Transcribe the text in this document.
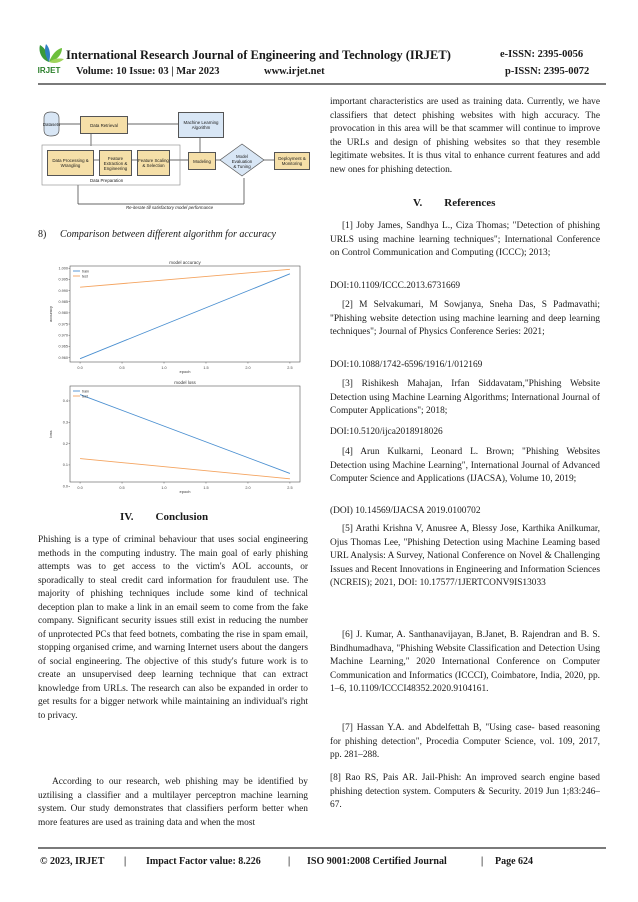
IRJET
International Research Journal of Engineering and Technology (IRJET)	e-ISSN: 2395-0056
Volume: 10 Issue: 03 | Mar 2023	www.irjet.net	p-ISSN: 2395-0072
Datasets	Data Retrieval	Machine Learning Algorithm
Data Processing & Wrangling
Feature Extraction & Engineering
Feature Scaling & Selection
Data Preparation
Modeling
Model Evaluation & Tuning
Deployment & Monitoring
Re-iterate till satisfactory model performance
8) Comparison between different algorithm for accuracy
model accuracy
epoch
accuracy
0.0	0.5	1.0	1.5	2.0	2.5
0.960
0.965
0.970
0.975
0.980
0.985
0.990
0.995
1.000
train
test
model loss
epoch
loss
0.0	0.5	1.0	1.5	2.0	2.5
0.0
0.1
0.2
0.3
0.4
train
test
IV.        Conclusion
Phishing is a type of criminal behaviour that uses social engineering methods in the computing industry. The main goal of early phishing attempts was to get access to the victim's AOL accounts, or sporadically to steal credit card information for fraudulent use. The majority of phishing techniques include some kind of technical deception plan to make a link in an email seem to come from the fake company. Significant security issues still exist in reducing the number of unprotected PCs that feed botnets, combating the rise in spam email, stopping organised crime, and warning Internet users about the dangers of social engineering. The objective of this study's future work is to create an unsupervised deep learning technique that can extract knowledge from URLs. The research can also be expanded in order to get results for a bigger network while maintaining an individual's right to privacy.
According to our research, web phishing may be identified by uztilising a classifier and a multilayer perceptron machine learning system. Our study demonstrates that classifiers perform better when more features are used as training data and when the most
important characteristics are used as training data. Currently, we have classifiers that detect phishing websites with high accuracy. The provocation in this area will be that scammer will continue to improve the URLs and design of phishing websites so that they resemble legitimate websites. It is thus vital to enhance current features and add new ones for phishing detection.
V.        References
[1] Joby James, Sandhya L., Ciza Thomas; "Detection of phishing URLS using machine learning techniques"; International Conference on Control Communication and Computing (ICCC); 2013;
DOI:10.1109/ICCC.2013.6731669
[2] M Selvakumari, M Sowjanya, Sneha Das, S Padmavathi; "Phishing website detection using machine learning and deep learning techniques"; Journal of Physics Conference Series: 2021;
DOI:10.1088/1742-6596/1916/1/012169
[3] Rishikesh Mahajan, Irfan Siddavatam,"Phishing Website Detection using Machine Learning Algorithms; International Journal of Computer Applications"; 2018;
DOI:10.5120/ijca2018918026
[4] Arun Kulkarni, Leonard L. Brown; "Phishing Websites Detection using Machine Learning", International Journal of Advanced Computer Science and Applications (IJACSA), Volume 10, 2019;
(DOI) 10.14569/IJACSA 2019.0100702
[5] Arathi Krishna V, Anusree A, Blessy Jose, Karthika Anilkumar, Ojus Thomas Lee, "Phishing Detection using Machine Leaming based URL Analysis: A Survey, National Conference on Novel & Challenging Issues and Recent Innovations in Engineering and Information Sciences (NCREIS); 2021, DOI: 10.17577/1JERTCONV9IS13033
[6] J. Kumar, A. Santhanavijayan, B.Janet, B. Rajendran and B. S. Bindhumadhava, "Phishing Website Classification and Detection Using Machine Learning," 2020 International Conference on Computer Communication and Informatics (ICCCI), Coimbatore, India, 2020, pp. 1–6, 10.1109/ICCCI48352.2020.9104161.
[7] Hassan Y.A. and Abdelfettah B, "Using case- based reasoning for phishing detection", Procedia Computer Science, vol. 109, 2017, pp. 281–288.
[8] Rao RS, Pais AR. Jail-Phish: An improved search engine based phishing detection system. Computers & Security. 2019 Jun 1;83:246–67.
© 2023, IRJET | Impact Factor value: 8.226	| ISO 9001:2008 Certified Journal	| Page 624
